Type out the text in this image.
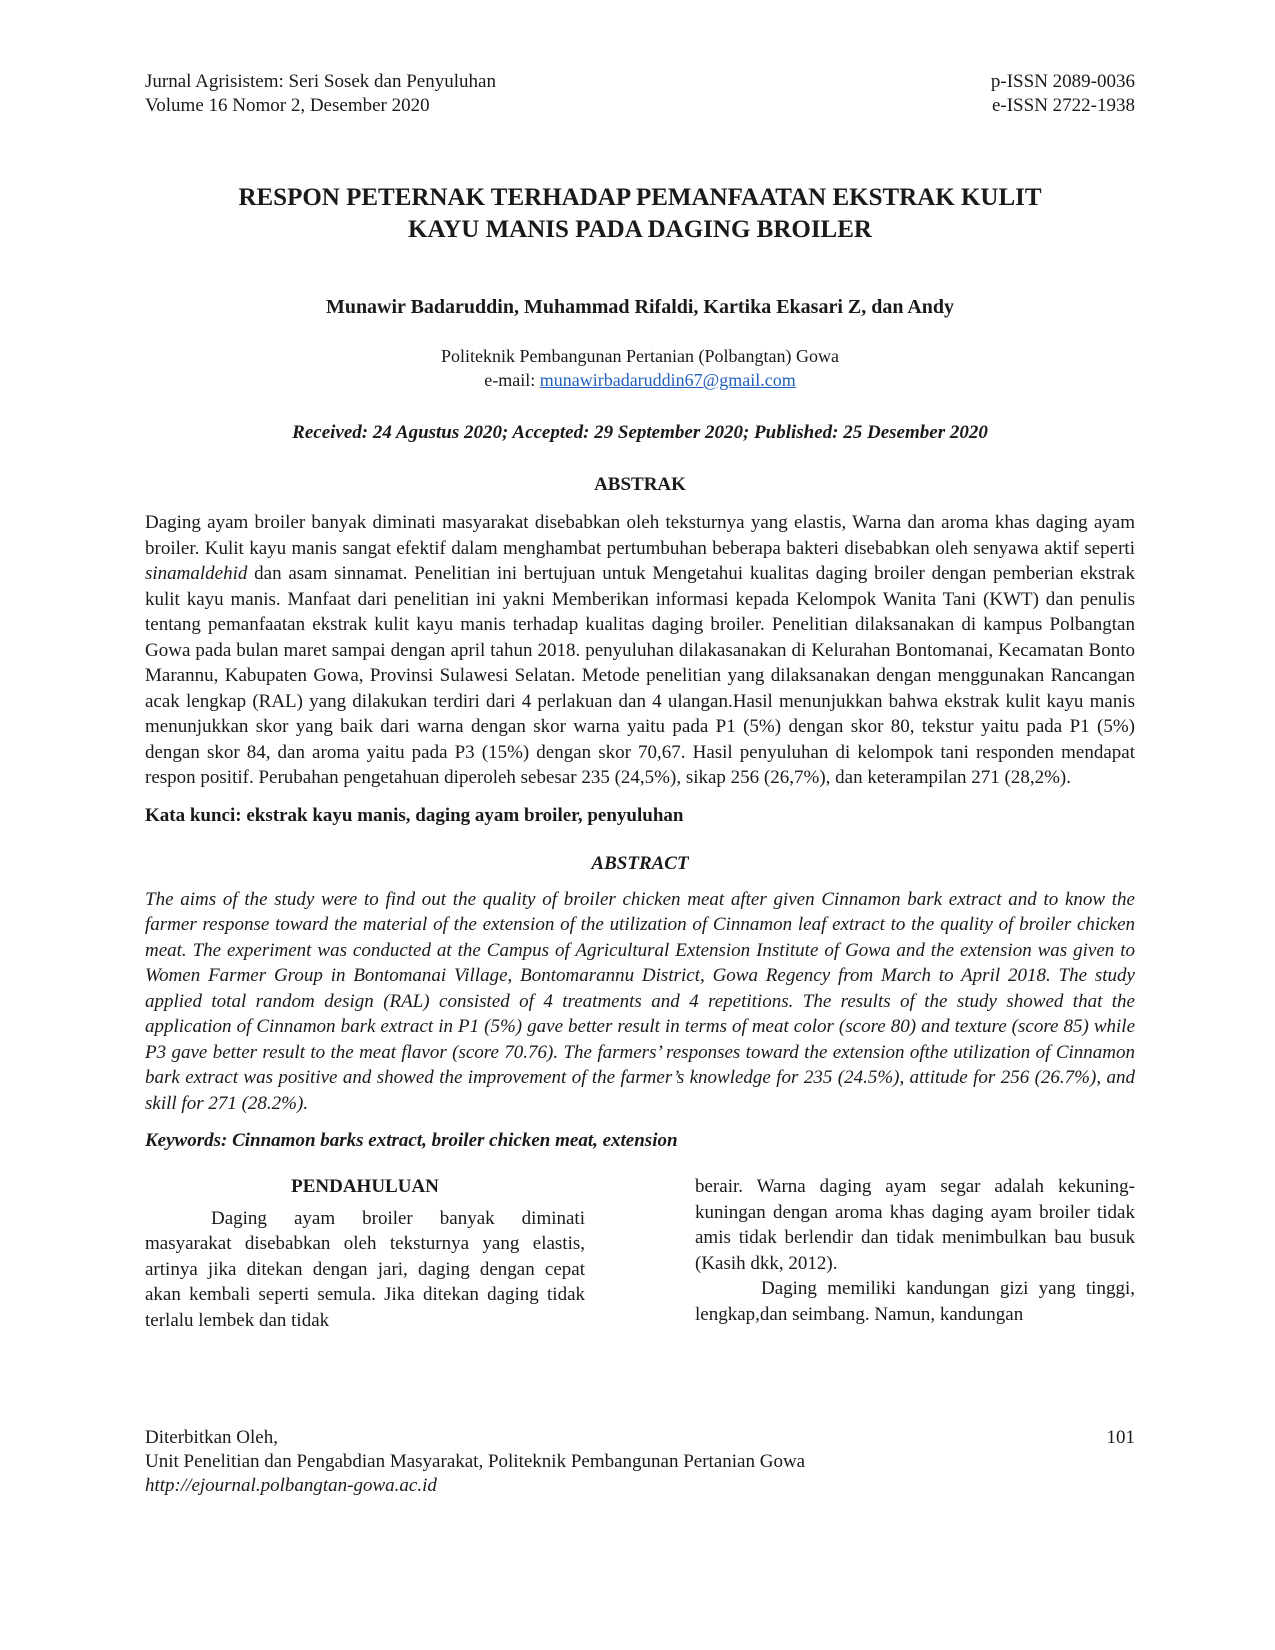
Jurnal Agrisistem: Seri Sosek dan Penyuluhan
Volume 16 Nomor 2, Desember 2020
p-ISSN 2089-0036
e-ISSN 2722-1938
RESPON PETERNAK TERHADAP PEMANFAATAN EKSTRAK KULIT
KAYU MANIS PADA DAGING BROILER
Munawir Badaruddin, Muhammad Rifaldi, Kartika Ekasari Z, dan Andy
Politeknik Pembangunan Pertanian (Polbangtan) Gowa
e-mail: munawirbadaruddin67@gmail.com
Received: 24 Agustus 2020; Accepted: 29 September 2020; Published: 25 Desember 2020
ABSTRAK
Daging ayam broiler banyak diminati masyarakat disebabkan oleh teksturnya yang elastis, Warna dan aroma khas daging ayam broiler. Kulit kayu manis sangat efektif dalam menghambat pertumbuhan beberapa bakteri disebabkan oleh senyawa aktif seperti sinamaldehid dan asam sinnamat. Penelitian ini bertujuan untuk Mengetahui kualitas daging broiler dengan pemberian ekstrak kulit kayu manis. Manfaat dari penelitian ini yakni Memberikan informasi kepada Kelompok Wanita Tani (KWT) dan penulis tentang pemanfaatan ekstrak kulit kayu manis terhadap kualitas daging broiler. Penelitian dilaksanakan di kampus Polbangtan Gowa pada bulan maret sampai dengan april tahun 2018. penyuluhan dilakasanakan di Kelurahan Bontomanai, Kecamatan Bonto Marannu, Kabupaten Gowa, Provinsi Sulawesi Selatan. Metode penelitian yang dilaksanakan dengan menggunakan Rancangan acak lengkap (RAL) yang dilakukan terdiri dari 4 perlakuan dan 4 ulangan.Hasil menunjukkan bahwa ekstrak kulit kayu manis menunjukkan skor yang baik dari warna dengan skor warna yaitu pada P1 (5%) dengan skor 80, tekstur yaitu pada P1 (5%) dengan skor 84, dan aroma yaitu pada P3 (15%) dengan skor 70,67. Hasil penyuluhan di kelompok tani responden mendapat respon positif. Perubahan pengetahuan diperoleh sebesar 235 (24,5%), sikap 256 (26,7%), dan keterampilan 271 (28,2%).
Kata kunci: ekstrak kayu manis, daging ayam broiler, penyuluhan
ABSTRACT
The aims of the study were to find out the quality of broiler chicken meat after given Cinnamon bark extract and to know the farmer response toward the material of the extension of the utilization of Cinnamon leaf extract to the quality of broiler chicken meat. The experiment was conducted at the Campus of Agricultural Extension Institute of Gowa and the extension was given to Women Farmer Group in Bontomanai Village, Bontomarannu District, Gowa Regency from March to April 2018. The study applied total random design (RAL) consisted of 4 treatments and 4 repetitions. The results of the study showed that the application of Cinnamon bark extract in P1 (5%) gave better result in terms of meat color (score 80) and texture (score 85) while P3 gave better result to the meat flavor (score 70.76). The farmers’ responses toward the extension ofthe utilization of Cinnamon bark extract was positive and showed the improvement of the farmer’s knowledge for 235 (24.5%), attitude for 256 (26.7%), and skill for 271 (28.2%).
Keywords: Cinnamon barks extract, broiler chicken meat, extension
PENDAHULUAN
Daging ayam broiler banyak diminati masyarakat disebabkan oleh teksturnya yang elastis, artinya jika ditekan dengan jari, daging dengan cepat akan kembali seperti semula. Jika ditekan daging tidak terlalu lembek dan tidak
berair. Warna daging ayam segar adalah kekuning-kuningan dengan aroma khas daging ayam broiler tidak amis tidak berlendir dan tidak menimbulkan bau busuk (Kasih dkk, 2012).
Daging memiliki kandungan gizi yang tinggi, lengkap,dan seimbang. Namun, kandungan
Diterbitkan Oleh,	101
Unit Penelitian dan Pengabdian Masyarakat, Politeknik Pembangunan Pertanian Gowa
http://ejournal.polbangtan-gowa.ac.id
